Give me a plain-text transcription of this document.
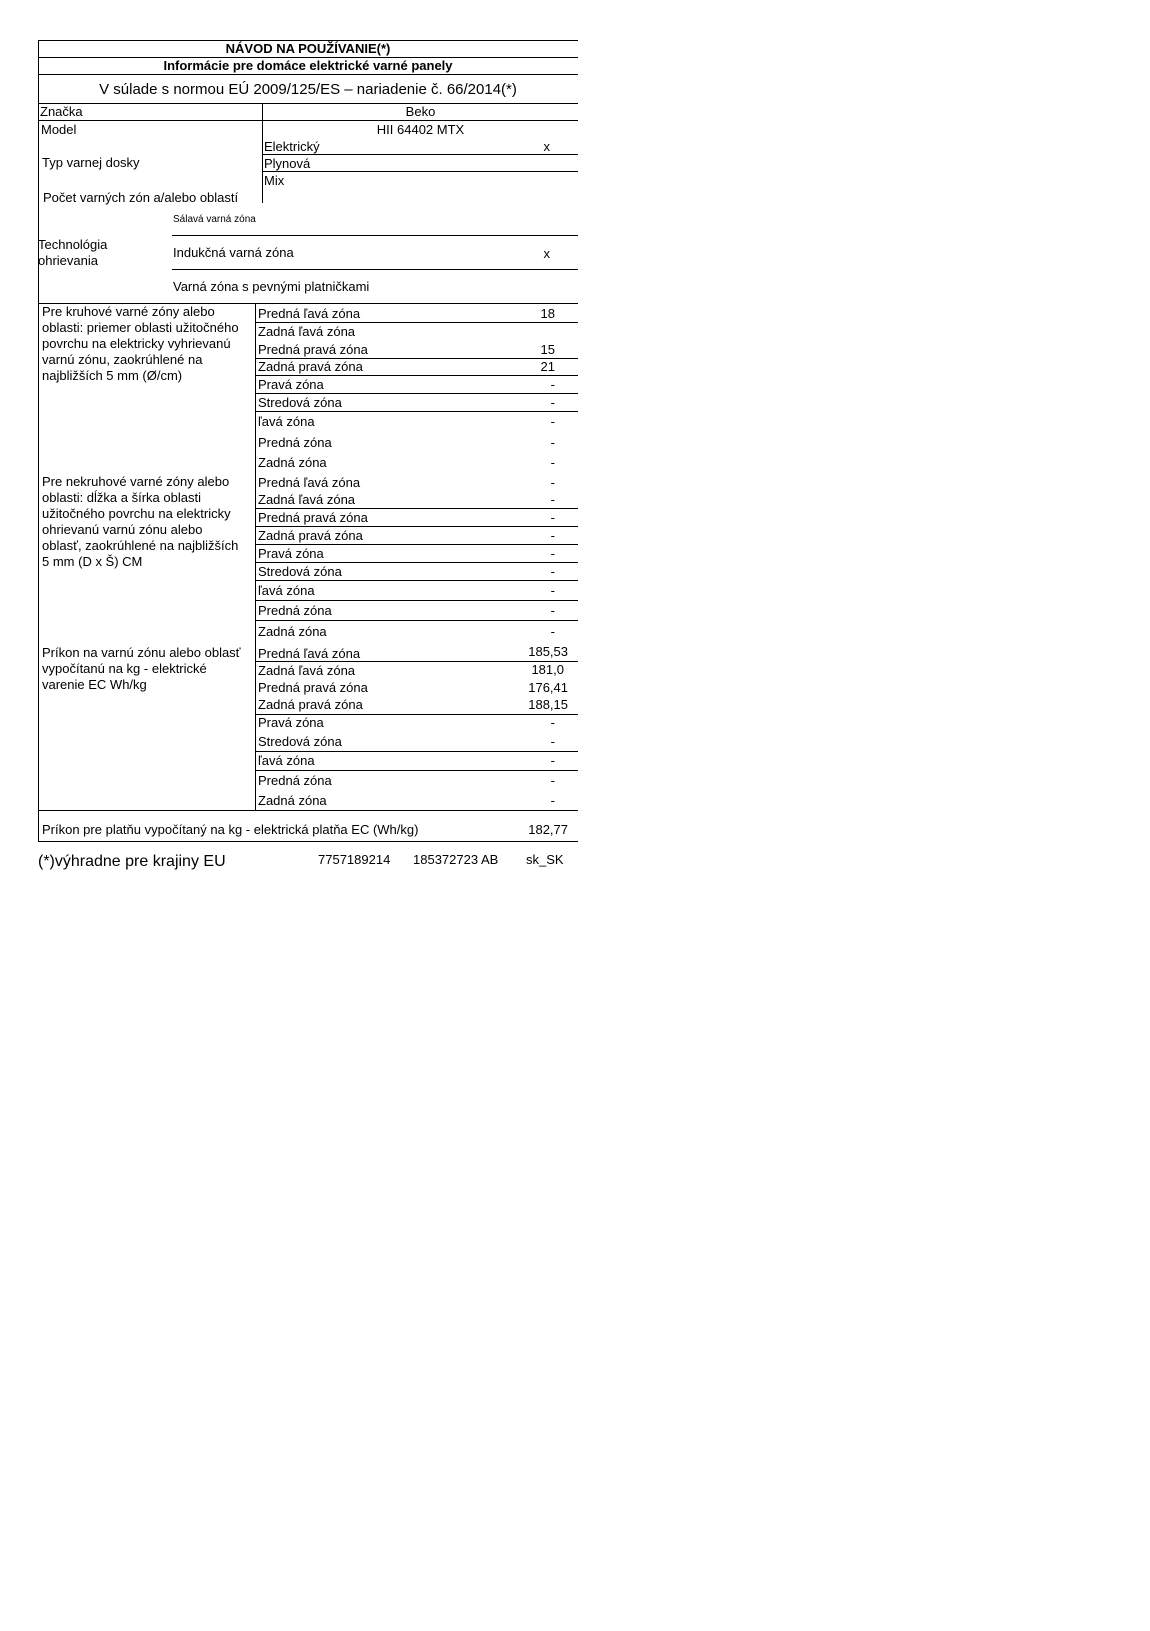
NÁVOD NA POUŽÍVANIE(*)
Informácie pre domáce elektrické varné panely
V súlade s normou EÚ 2009/125/ES – nariadenie č. 66/2014(*)
Značka	Beko
Model	HII 64402 MTX
Typ varnej dosky
Elektrický	x
Plynová
Mix
Počet varných zón a/alebo oblastí
Sálavá varná zóna
Technológia
ohrievania
Indukčná varná zóna	x
Varná zóna s pevnými platničkami
Pre kruhové varné zóny alebo
oblasti: priemer oblasti užitočného
povrchu na elektricky vyhrievanú
varnú zónu, zaokrúhlené na
najbližších 5 mm (Ø/cm)
Predná ľavá zóna	18
Zadná ľavá zóna
Predná pravá zóna	15
Zadná pravá zóna	21
Pravá zóna	-
Stredová zóna	-
ľavá zóna	-
Predná zóna	-
Zadná zóna	-
Pre nekruhové varné zóny alebo
oblasti: dĺžka a šírka oblasti
užitočného povrchu na elektricky
ohrievanú varnú zónu alebo
oblasť, zaokrúhlené na najbližších
5 mm (D x Š) CM
Predná ľavá zóna	-
Zadná ľavá zóna	-
Predná pravá zóna	-
Zadná pravá zóna	-
Pravá zóna	-
Stredová zóna	-
ľavá zóna	-
Predná zóna	-
Zadná zóna	-
Príkon na varnú zónu alebo oblasť
vypočítanú na kg - elektrické
varenie EC Wh/kg
Predná ľavá zóna	185,53
Zadná ľavá zóna	181,0
Predná pravá zóna	176,41
Zadná pravá zóna	188,15
Pravá zóna	-
Stredová zóna	-
ľavá zóna	-
Predná zóna	-
Zadná zóna	-
Príkon pre platňu vypočítaný na kg - elektrická platňa EC (Wh/kg)	182,77
(*)výhradne pre krajiny EU	7757189214 185372723 AB sk_SK
